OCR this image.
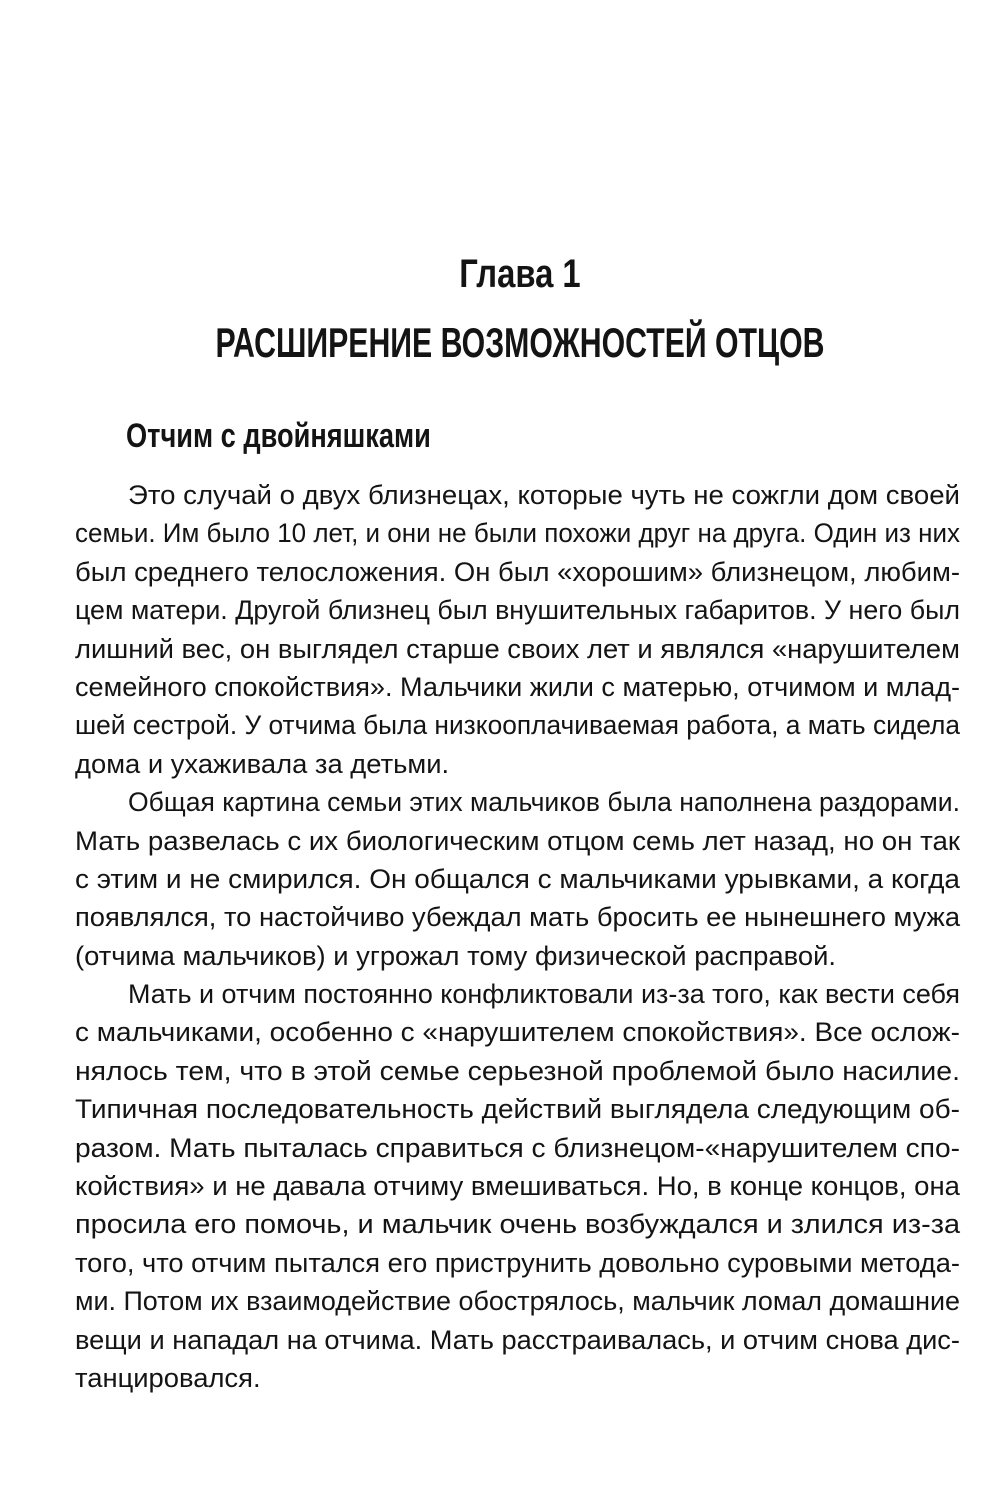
Глава 1
РАСШИРЕНИЕ ВОЗМОЖНОСТЕЙ ОТЦОВ
Отчим с двойняшками
Это случай о двух близнецах, которые чуть не сожгли дом своей
семьи. Им было 10 лет, и они не были похожи друг на друга. Один из них
был среднего телосложения. Он был «хорошим» близнецом, любим-
цем матери. Другой близнец был внушительных габаритов. У него был
лишний вес, он выглядел старше своих лет и являлся «нарушителем
семейного спокойствия». Мальчики жили с матерью, отчимом и млад-
шей сестрой. У отчима была низкооплачиваемая работа, а мать сидела
дома и ухаживала за детьми.
Общая картина семьи этих мальчиков была наполнена раздорами.
Мать развелась с их биологическим отцом семь лет назад, но он так
с этим и не смирился. Он общался с мальчиками урывками, а когда
появлялся, то настойчиво убеждал мать бросить ее нынешнего мужа
(отчима мальчиков) и угрожал тому физической расправой.
Мать и отчим постоянно конфликтовали из-за того, как вести себя
с мальчиками, особенно с «нарушителем спокойствия». Все ослож-
нялось тем, что в этой семье серьезной проблемой было насилие.
Типичная последовательность действий выглядела следующим об-
разом. Мать пыталась справиться с близнецом-«нарушителем спо-
койствия» и не давала отчиму вмешиваться. Но, в конце концов, она
просила его помочь, и мальчик очень возбуждался и злился из-за
того, что отчим пытался его приструнить довольно суровыми метода-
ми. Потом их взаимодействие обострялось, мальчик ломал домашние
вещи и нападал на отчима. Мать расстраивалась, и отчим снова дис-
танцировался.
